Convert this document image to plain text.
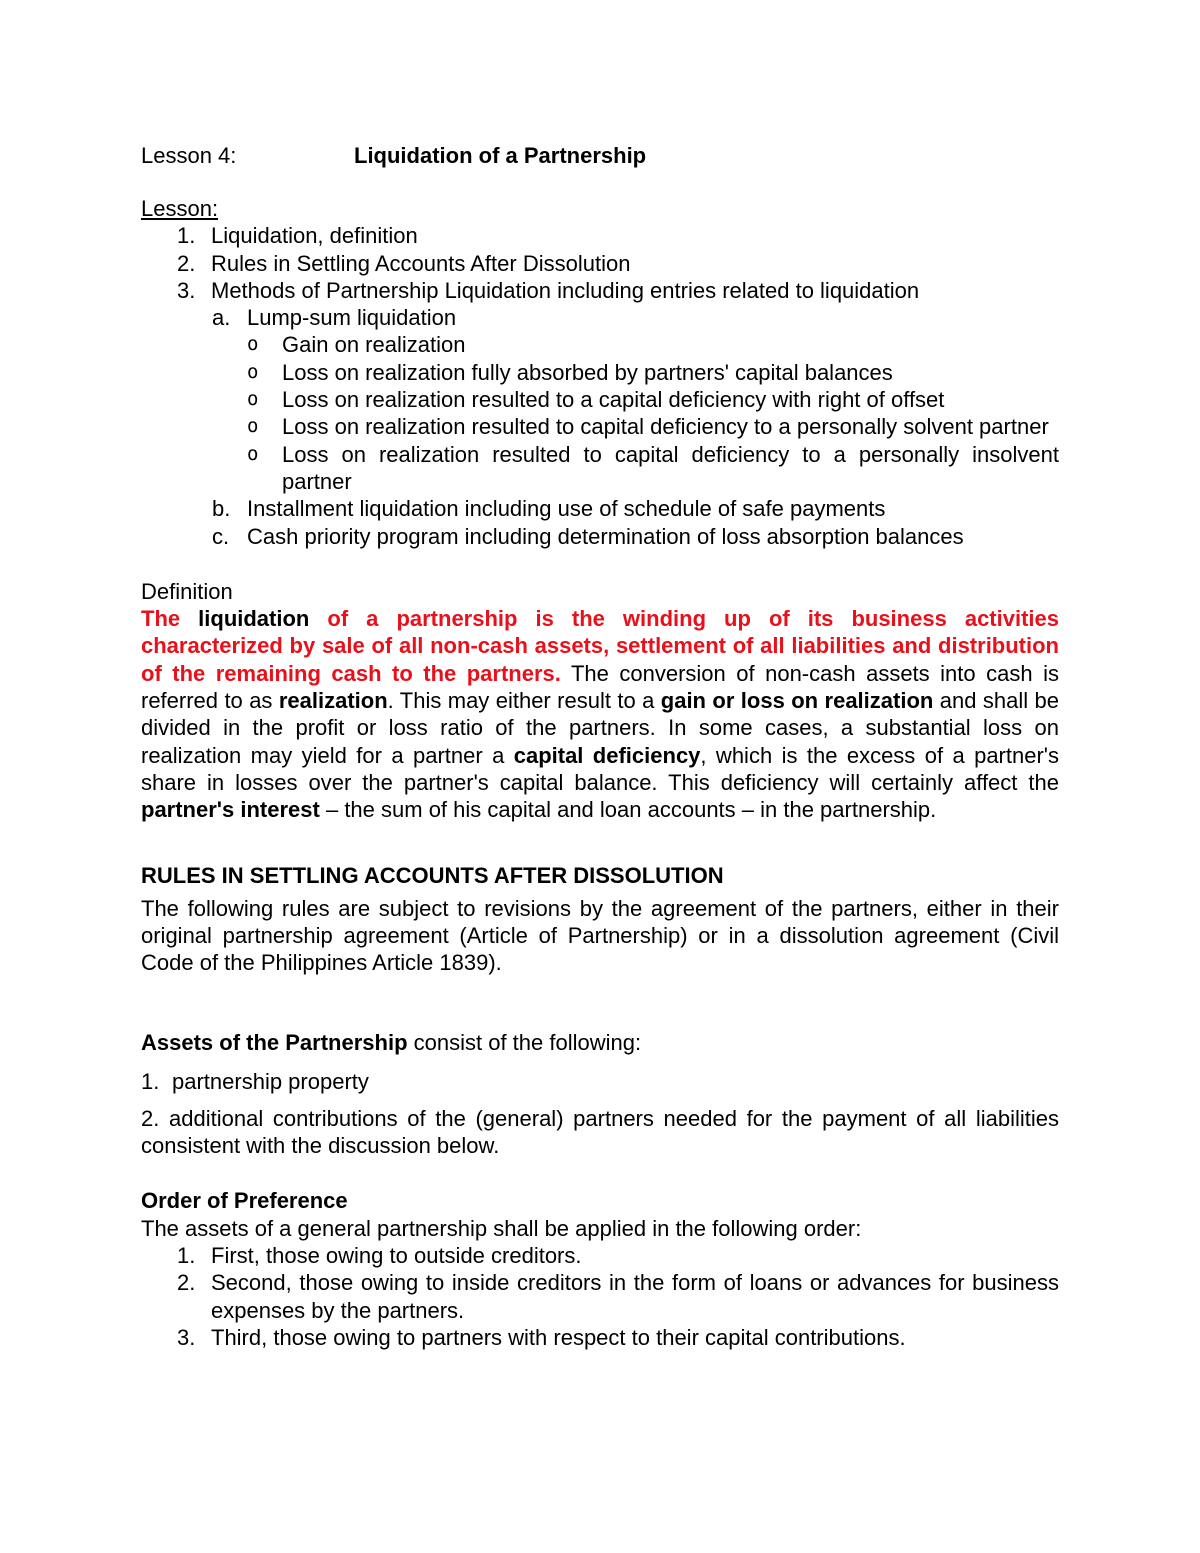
Lesson 4:	Liquidation of a Partnership
Lesson:
1. Liquidation, definition
2. Rules in Settling Accounts After Dissolution
3. Methods of Partnership Liquidation including entries related to liquidation
a. Lump-sum liquidation
o	Gain on realization
o	Loss on realization fully absorbed by partners' capital balances
o	Loss on realization resulted to a capital deficiency with right of offset
o	Loss on realization resulted to capital deficiency to a personally solvent partner
o	Loss on realization resulted to capital deficiency to a personally insolvent partner
b. Installment liquidation including use of schedule of safe payments
c. Cash priority program including determination of loss absorption balances
Definition
The liquidation of a partnership is the winding up of its business activities characterized by sale of all non-cash assets, settlement of all liabilities and distribution of the remaining cash to the partners. The conversion of non-cash assets into cash is referred to as realization. This may either result to a gain or loss on realization and shall be divided in the profit or loss ratio of the partners. In some cases, a substantial loss on realization may yield for a partner a capital deficiency, which is the excess of a partner's share in losses over the partner's capital balance. This deficiency will certainly affect the partner's interest – the sum of his capital and loan accounts – in the partnership.
RULES IN SETTLING ACCOUNTS AFTER DISSOLUTION
The following rules are subject to revisions by the agreement of the partners, either in their original partnership agreement (Article of Partnership) or in a dissolution agreement (Civil Code of the Philippines Article 1839).
Assets of the Partnership consist of the following:
1. partnership property
2. additional contributions of the (general) partners needed for the payment of all liabilities consistent with the discussion below.
Order of Preference
The assets of a general partnership shall be applied in the following order:
1. First, those owing to outside creditors.
2. Second, those owing to inside creditors in the form of loans or advances for business expenses by the partners.
3. Third, those owing to partners with respect to their capital contributions.
